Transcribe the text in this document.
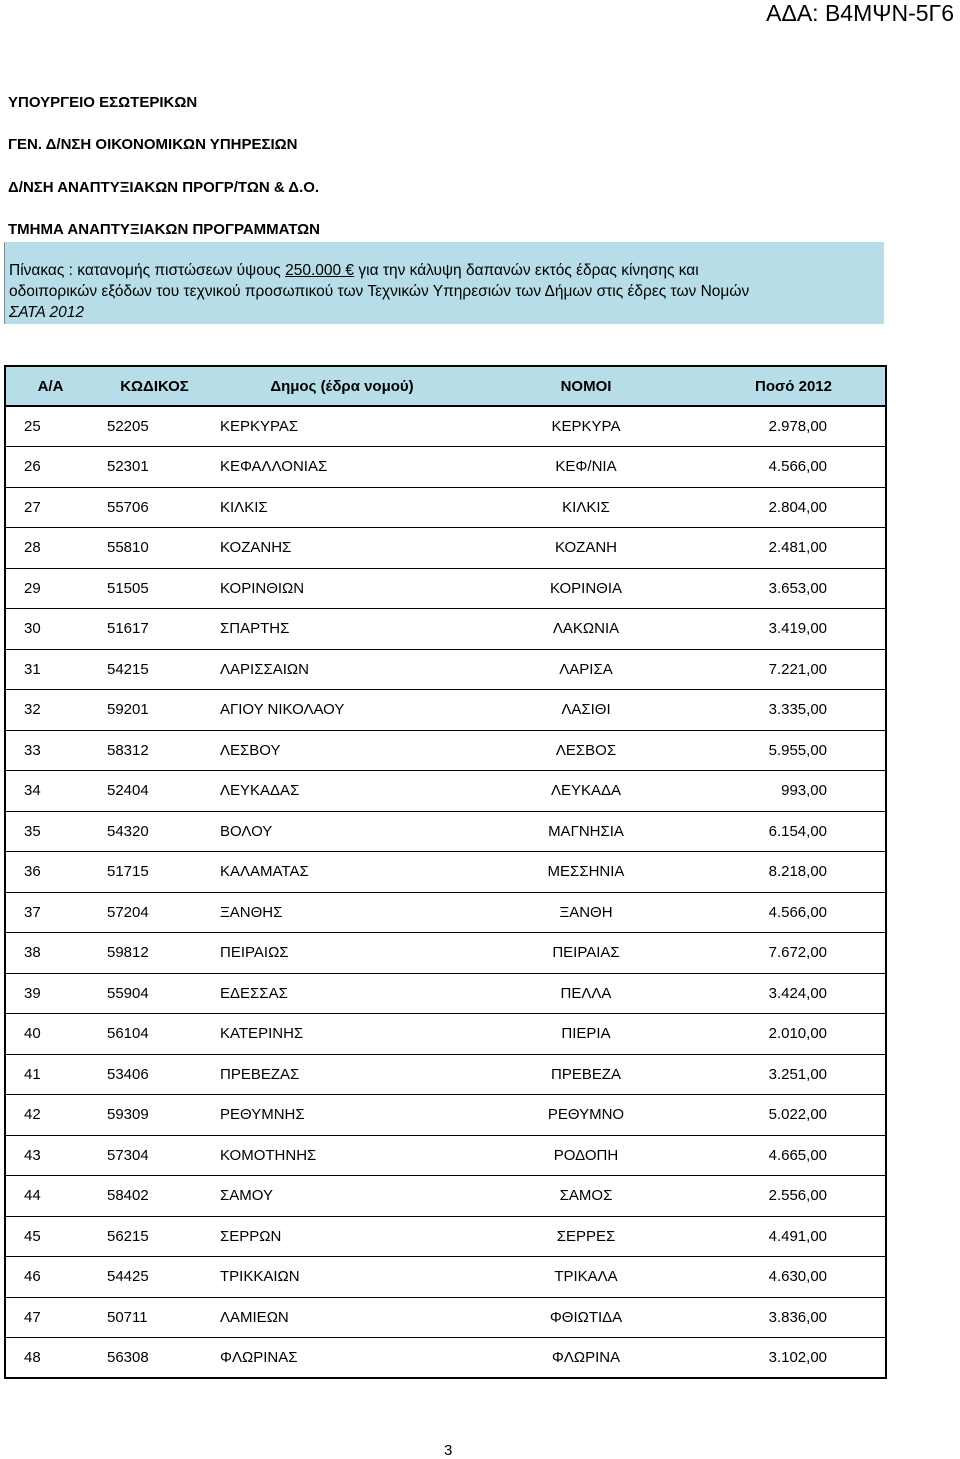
ΑΔΑ: Β4ΜΨΝ-5Γ6
ΥΠΟΥΡΓΕΙΟ ΕΣΩΤΕΡΙΚΩΝ
ΓΕΝ. Δ/ΝΣΗ ΟΙΚΟΝΟΜΙΚΩΝ ΥΠΗΡΕΣΙΩΝ
Δ/ΝΣΗ ΑΝΑΠΤΥΞΙΑΚΩΝ ΠΡΟΓΡ/ΤΩΝ & Δ.Ο.
ΤΜΗΜΑ ΑΝΑΠΤΥΞΙΑΚΩΝ ΠΡΟΓΡΑΜΜΑΤΩΝ
Πίνακας : κατανομής πιστώσεων ύψους 250.000 € για την κάλυψη δαπανών εκτός έδρας κίνησης και
οδοιπορικών εξόδων του τεχνικού προσωπικού των Τεχνικών Υπηρεσιών των Δήμων στις έδρες των Νομών
ΣΑΤΑ 2012
Α/Α	ΚΩΔΙΚΟΣ	Δημος (έδρα νομού)	ΝΟΜΟΙ	Ποσό 2012
25	52205	ΚΕΡΚΥΡΑΣ	ΚΕΡΚΥΡΑ	2.978,00
26	52301	ΚΕΦΑΛΛΟΝΙΑΣ	ΚΕΦ/ΝΙΑ	4.566,00
27	55706	ΚΙΛΚΙΣ	ΚΙΛΚΙΣ	2.804,00
28	55810	ΚΟΖΑΝΗΣ	ΚΟΖΑΝΗ	2.481,00
29	51505	ΚΟΡΙΝΘΙΩΝ	ΚΟΡΙΝΘΙΑ	3.653,00
30	51617	ΣΠΑΡΤΗΣ	ΛΑΚΩΝΙΑ	3.419,00
31	54215	ΛΑΡΙΣΣΑΙΩΝ	ΛΑΡΙΣΑ	7.221,00
32	59201	ΑΓΙΟΥ ΝΙΚΟΛΑΟΥ	ΛΑΣΙΘΙ	3.335,00
33	58312	ΛΕΣΒΟΥ	ΛΕΣΒΟΣ	5.955,00
34	52404	ΛΕΥΚΑΔΑΣ	ΛΕΥΚΑΔΑ	993,00
35	54320	ΒΟΛΟΥ	ΜΑΓΝΗΣΙΑ	6.154,00
36	51715	ΚΑΛΑΜΑΤΑΣ	ΜΕΣΣΗΝΙΑ	8.218,00
37	57204	ΞΑΝΘΗΣ	ΞΑΝΘΗ	4.566,00
38	59812	ΠΕΙΡΑΙΩΣ	ΠΕΙΡΑΙΑΣ	7.672,00
39	55904	ΕΔΕΣΣΑΣ	ΠΕΛΛΑ	3.424,00
40	56104	ΚΑΤΕΡΙΝΗΣ	ΠΙΕΡΙΑ	2.010,00
41	53406	ΠΡΕΒΕΖΑΣ	ΠΡΕΒΕΖΑ	3.251,00
42	59309	ΡΕΘΥΜΝΗΣ	ΡΕΘΥΜΝΟ	5.022,00
43	57304	ΚΟΜΟΤΗΝΗΣ	ΡΟΔΟΠΗ	4.665,00
44	58402	ΣΑΜΟΥ	ΣΑΜΟΣ	2.556,00
45	56215	ΣΕΡΡΩΝ	ΣΕΡΡΕΣ	4.491,00
46	54425	ΤΡΙΚΚΑΙΩΝ	ΤΡΙΚΑΛΑ	4.630,00
47	50711	ΛΑΜΙΕΩΝ	ΦΘΙΩΤΙΔΑ	3.836,00
48	56308	ΦΛΩΡΙΝΑΣ	ΦΛΩΡΙΝΑ	3.102,00
3
